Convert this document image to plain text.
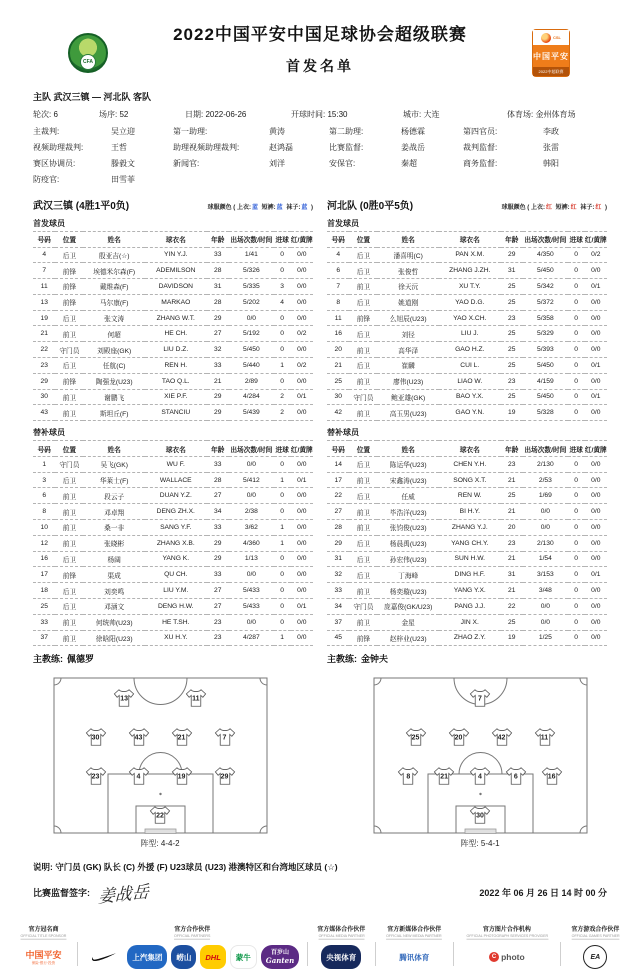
CFA
2022中国平安中国足球协会超级联赛
首发名单
CSL
中国平安
2022中超联赛
主队 武汉三镇 — 河北队 客队
轮次: 6	场序: 52	日期: 2022-06-26	开球时间: 15:30	城市: 大连	体育场: 金州体育场
主裁判:	吴立迎	第一助理:	黄涛	第二助理:	杨德霖	第四官员:	李政
视频助理裁判:	王哲	助理视频助理裁判:	赵鸿磊	比赛监督:	姜战岳	裁判监督:	张雷
赛区协调员:	滕毅文	新闻官:	刘洋	安保官:	秦超	商务监督:	韩阳
防疫官:	田雪菲						
武汉三镇 (4胜1平0负)	球服颜色 ( 上衣:蓝 短裤:蓝 袜子:蓝 )
首发球员
号码	位置	姓名	球衣名	年龄	出场次数/时间	进球	红/黄牌
4	后卫	殷亚吉(☆)	YIN Y.J.	33	1/41	0	0/0
7	前锋	埃德米尔森(F)	ADEMILSON	28	5/326	0	0/0
11	前锋	戴维森(F)	DAVIDSON	31	5/335	3	0/0
13	前锋	马尔康(F)	MARKAO	28	5/202	4	0/0
19	后卫	张文涛	ZHANG W.T.	29	0/0	0	0/0
21	前卫	何超	HE CH.	27	5/192	0	0/2
22	守门员	刘殿座(GK)	LIU D.Z.	32	5/450	0	0/0
23	后卫	任航(C)	REN H.	33	5/440	1	0/2
29	前锋	陶强龙(U23)	TAO Q.L.	21	2/89	0	0/0
30	前卫	谢鹏飞	XIE P.F.	29	4/284	2	0/1
43	前卫	斯坦丘(F)	STANCIU	29	5/439	2	0/0
替补球员
号码	位置	姓名	球衣名	年龄	出场次数/时间	进球	红/黄牌
1	守门员	吴飞(GK)	WU F.	33	0/0	0	0/0
3	后卫	华莱士(F)	WALLACE	28	5/412	1	0/1
6	前卫	段云子	DUAN Y.Z.	27	0/0	0	0/0
8	前卫	邓卓翔	DENG ZH.X.	34	2/38	0	0/0
10	前卫	桑一非	SANG Y.F.	33	3/62	1	0/0
12	前卫	张晓彬	ZHANG X.B.	29	4/360	1	0/0
16	后卫	杨阔	YANG K.	29	1/13	0	0/0
17	前锋	渠成	QU CH.	33	0/0	0	0/0
18	后卫	刘奕鸣	LIU Y.M.	27	5/433	0	0/0
25	后卫	邓涵文	DENG H.W.	27	5/433	0	0/1
33	前卫	何统帅(U23)	HE T.SH.	23	0/0	0	0/0
37	前卫	徐晗阳(U23)	XU H.Y.	23	4/287	1	0/0
主教练: 佩德罗
河北队 (0胜0平5负)	球服颜色 ( 上衣:红 短裤:红 袜子:红 )
首发球员
号码	位置	姓名	球衣名	年龄	出场次数/时间	进球	红/黄牌
4	后卫	潘喜明(C)	PAN X.M.	29	4/350	0	0/2
6	后卫	张俊哲	ZHANG J.ZH.	31	5/450	0	0/0
7	前卫	徐天沅	XU T.Y.	25	5/342	0	0/1
8	后卫	姚道刚	YAO D.G.	25	5/372	0	0/0
11	前锋	么旭辰(U23)	YAO X.CH.	23	5/358	0	0/0
16	后卫	刘径	LIU J.	25	5/329	0	0/0
20	前卫	高华泽	GAO H.Z.	25	5/393	0	0/0
21	后卫	崔麟	CUI L.	25	5/450	0	0/1
25	前卫	廖伟(U23)	LIAO W.	23	4/159	0	0/0
30	守门员	鲍亚雄(GK)	BAO Y.X.	25	5/450	0	0/1
42	前卫	高玉男(U23)	GAO Y.N.	19	5/328	0	0/0
替补球员
号码	位置	姓名	球衣名	年龄	出场次数/时间	进球	红/黄牌
14	后卫	陈运华(U23)	CHEN Y.H.	23	2/130	0	0/0
17	前卫	宋鑫涛(U23)	SONG X.T.	21	2/53	0	0/0
22	后卫	任威	REN W.	25	1/69	0	0/0
27	前卫	毕浩洋(U23)	BI H.Y.	21	0/0	0	0/0
28	前卫	张钧俊(U23)	ZHANG Y.J.	20	0/0	0	0/0
29	后卫	杨晨禹(U23)	YANG CH.Y.	23	2/130	0	0/0
31	后卫	孙宏伟(U23)	SUN H.W.	21	1/54	0	0/0
32	后卫	丁海峰	DING H.F.	31	3/153	0	0/1
33	前卫	杨奕璇(U23)	YANG Y.X.	21	3/48	0	0/0
34	守门员	庞嘉俊(GK/U23)	PANG J.J.	22	0/0	0	0/0
37	前卫	金星	JIN X.	25	0/0	0	0/0
45	前锋	赵梓业(U23)	ZHAO Z.Y.	19	1/25	0	0/0
主教练: 金钟夫
13	11
30	43	21	7
23	4	19	29
22
阵型: 4-4-2
7
25	20	42	11
8	21	4	6	16
30
阵型: 5-4-1
说明: 守门员 (GK) 队长 (C) 外援 (F) U23球员 (U23) 港澳特区和台湾地区球员 (☆)
比赛监督签字: 姜战岳	2022 年 06 月 26 日 14 时 00 分
官方冠名商
OFFICIAL TITLE SPONSOR
中国平安
保险·银行·投资
官方合作伙伴
OFFICIAL PARTNERS
上汽集团	崂山	DHL	蒙牛	百岁山
Ganten
官方媒体合作伙伴
OFFICIAL MEDIA PARTNER
央视体育
官方新媒体合作伙伴
OFFICIAL NEW MEDIA PARTNER
腾讯体育
官方图片合作机构
OFFICIAL PHOTOGRAPH SERVICES PROVIDER
C photo
官方游戏合作伙伴
OFFICIAL GAMES PARTNER
EA
